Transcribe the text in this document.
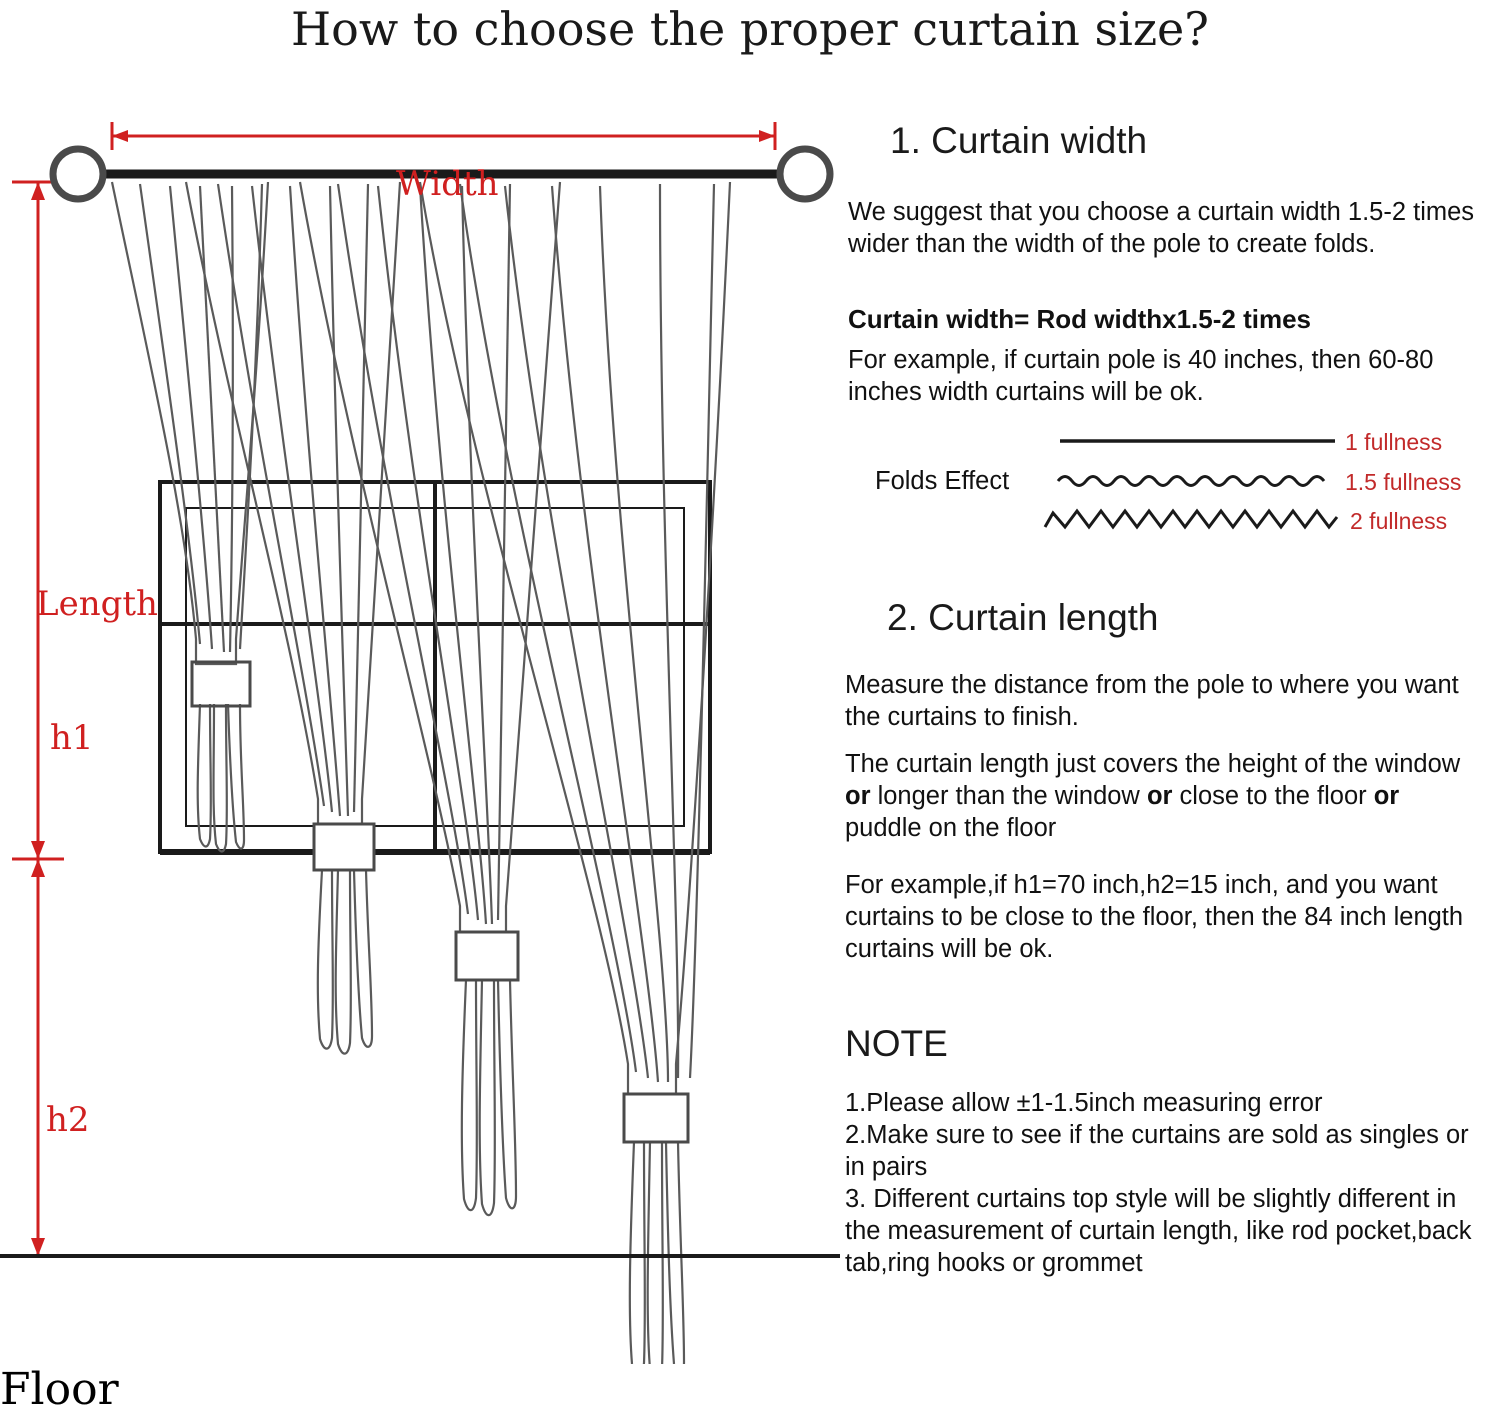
How to choose the proper curtain size?
Width
Length
h1
h2
Floor
1. Curtain width
We suggest that you choose a curtain width 1.5-2 times wider than the width of the pole to create folds.
Curtain width= Rod widthx1.5-2 times
For example, if curtain pole is 40 inches, then 60-80 inches width curtains will be ok.
Folds Effect
1 fullness
1.5 fullness
2 fullness
2. Curtain length
Measure the distance from the pole to where you want the curtains to finish.
The curtain length just covers the height of the window or longer than the window or close to the floor or puddle on the floor
For example,if h1=70 inch,h2=15 inch, and you want curtains to be close to the floor, then the 84 inch length curtains will be ok.
NOTE
1.Please allow ±1-1.5inch measuring error
2.Make sure to see if the curtains are sold as singles or in pairs
3. Different curtains top style will be slightly different in the measurement of curtain length, like rod pocket,back tab,ring hooks or grommet
